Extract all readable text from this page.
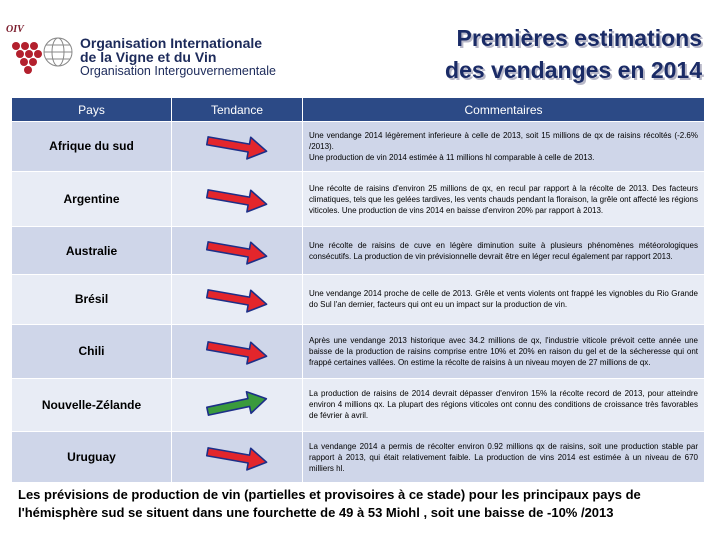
OIV
Organisation Internationale
de la Vigne et du Vin
Organisation Intergouvernementale
Premières estimations
des vendanges en 2014
Pays	Tendance	Commentaires
Afrique du sud		Une vendange 2014 légèrement inferieure à celle de 2013, soit 15 millions de qx de raisins récoltés (-2.6% /2013).

Une production de vin 2014 estimée à 11 millions hl comparable à celle de 2013.

Argentine		Une récolte de raisins d'environ 25 millions de qx, en recul par rapport à la récolte de 2013. Des facteurs climatiques, tels que les gelées tardives, les vents chauds pendant la floraison, la grêle ont affecté les régions viticoles. Une production de vins 2014 en baisse d'environ 20% par rapport à 2013.

Australie		Une récolte de raisins de cuve en légère diminution suite à plusieurs phénomènes météorologiques consécutifs. La production de vin prévisionnelle devrait être en léger recul également par rapport 2013.

Brésil		Une vendange 2014 proche de celle de 2013. Grêle et vents violents ont frappé les vignobles du Rio Grande do Sul l'an dernier, facteurs qui ont eu un impact sur la production de vin.

Chili		Après une vendange 2013 historique avec 34.2 millions de qx, l'industrie viticole prévoit cette année une baisse de la production de raisins comprise entre 10% et 20% en raison du gel et de la sécheresse qui ont frappé certaines vallées. On estime la récolte de raisins à un niveau moyen de 27 millions de qx.

Nouvelle-Zélande		La production de raisins de 2014 devrait dépasser d'environ 15% la récolte record de 2013, pour atteindre environ 4 millions qx. La plupart des régions viticoles ont connu des conditions de croissance très favorables de février à avril.

Uruguay		La vendange 2014 a permis de récolter environ 0.92 millions qx de raisins, soit une production stable par rapport à 2013, qui était relativement faible. La production de vins 2014 est estimée à un niveau de 670 milliers hl.

Les prévisions de production de vin (partielles et provisoires à ce stade) pour les principaux pays de l'hémisphère sud se situent dans une fourchette de 49 à 53 Miohl , soit une baisse de -10% /2013
